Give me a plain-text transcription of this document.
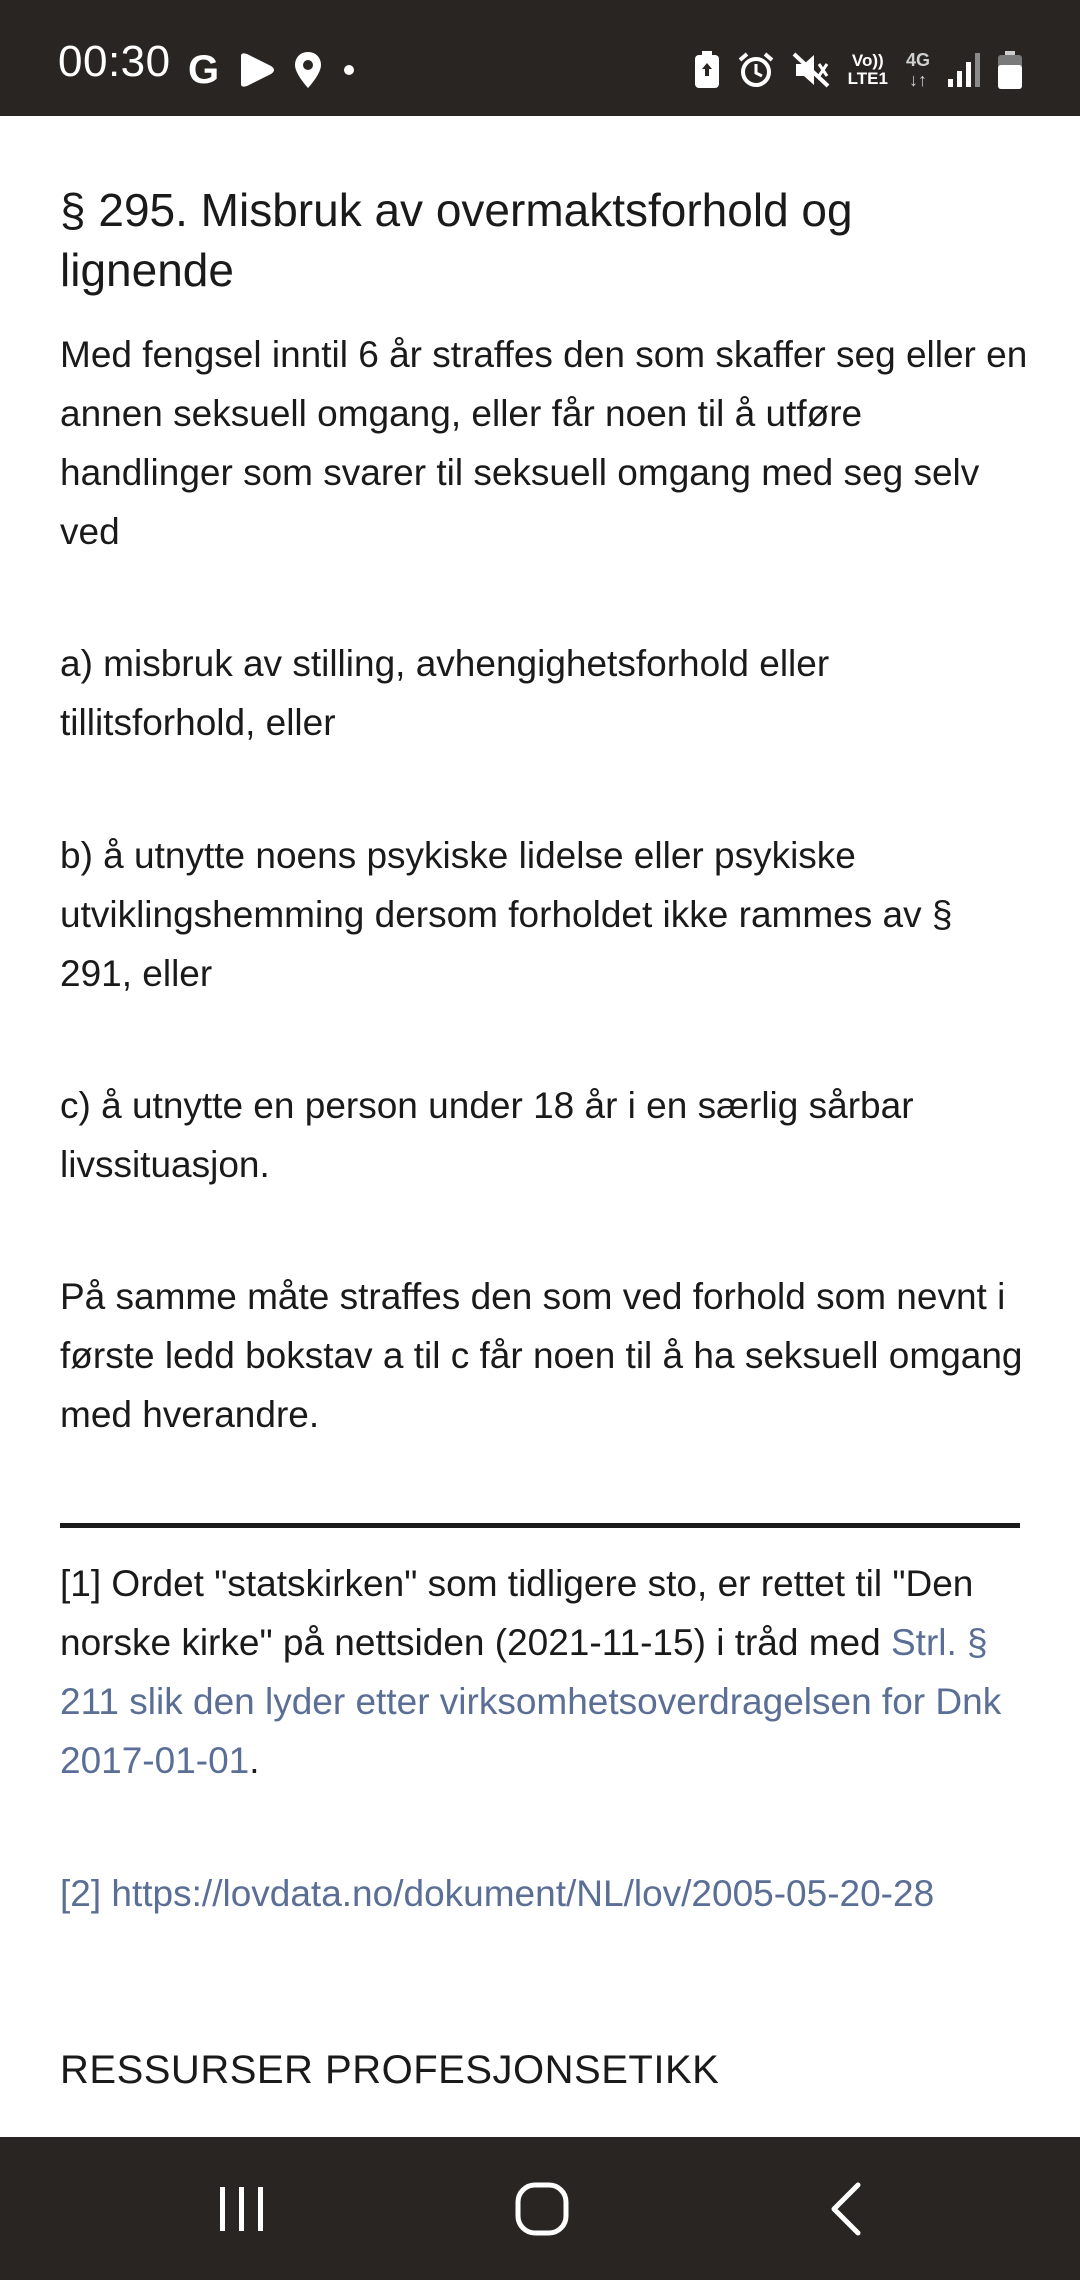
00:30 G	Vo))
LTE1
4G
↓↑
§ 295. Misbruk av overmaktsforhold og lignende

Med fengsel inntil 6 år straffes den som skaffer seg eller en annen seksuell omgang, eller får noen til å utføre handlinger som svarer til seksuell omgang med seg selv ved

a) misbruk av stilling, avhengighetsforhold eller tillitsforhold, eller

b) å utnytte noens psykiske lidelse eller psykiske utviklingshemming dersom forholdet ikke rammes av § 291, eller

c) å utnytte en person under 18 år i en særlig sårbar livssituasjon.

På samme måte straffes den som ved forhold som nevnt i første ledd bokstav a til c får noen til å ha seksuell omgang med hverandre.

[1] Ordet "statskirken" som tidligere sto, er rettet til "Den norske kirke" på nettsiden (2021-11-15) i tråd med Strl. § 211 slik den lyder etter virksomhetsoverdragelsen for Dnk 2017-01-01.

[2] https://lovdata.no/dokument/NL/lov/2005-05-20-28

RESSURSER PROFESJONSETIKK
